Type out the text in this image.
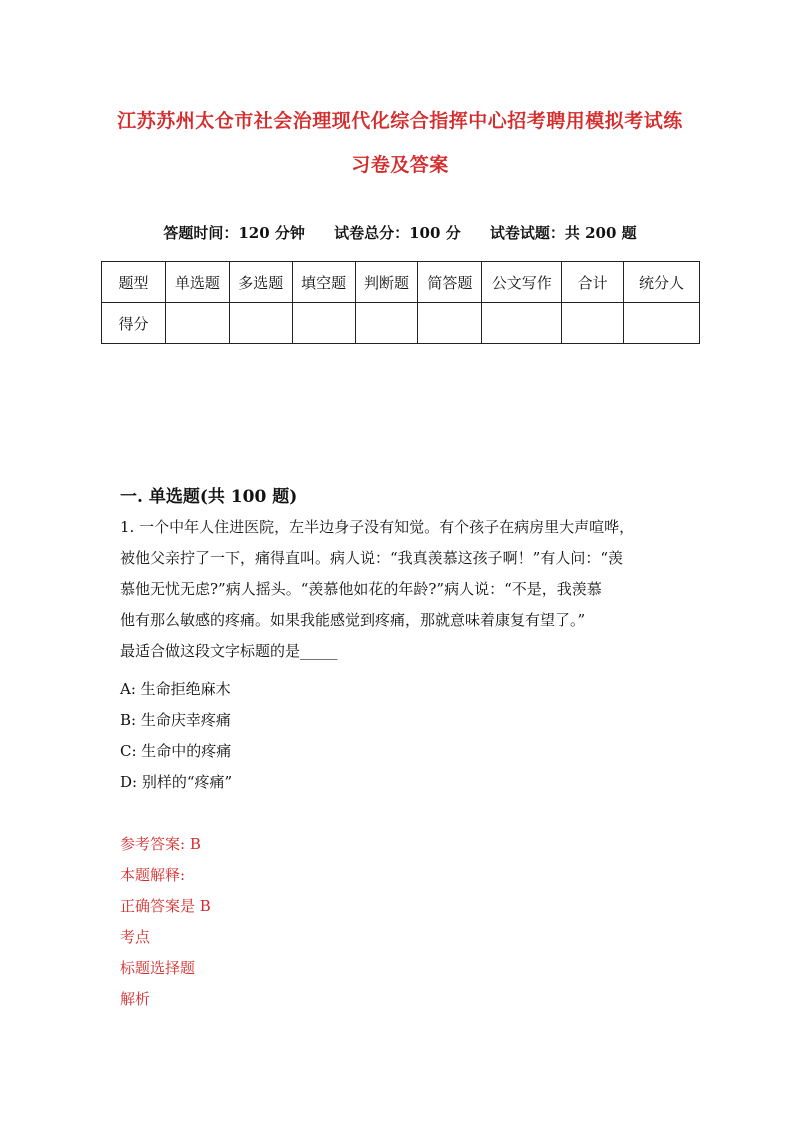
江苏苏州太仓市社会治理现代化综合指挥中心招考聘用模拟考试练
习卷及答案
答题时间：120 分钟 试卷总分：100 分 试卷试题：共 200 题
题型	单选题	多选题	填空题	判断题	简答题	公文写作	合计	统分人
得分								
一. 单选题(共 100 题)
1. 一个中年人住进医院，左半边身子没有知觉。有个孩子在病房里大声喧哗，
被他父亲拧了一下，痛得直叫。病人说：“我真羡慕这孩子啊！”有人问：“羡
慕他无忧无虑?”病人摇头。“羡慕他如花的年龄?”病人说：“不是，我羡慕
他有那么敏感的疼痛。如果我能感觉到疼痛，那就意味着康复有望了。”
最适合做这段文字标题的是_____
A: 生命拒绝麻木
B: 生命庆幸疼痛
C: 生命中的疼痛
D: 别样的“疼痛”
参考答案: B
本题解释:
正确答案是 B
考点
标题选择题
解析
